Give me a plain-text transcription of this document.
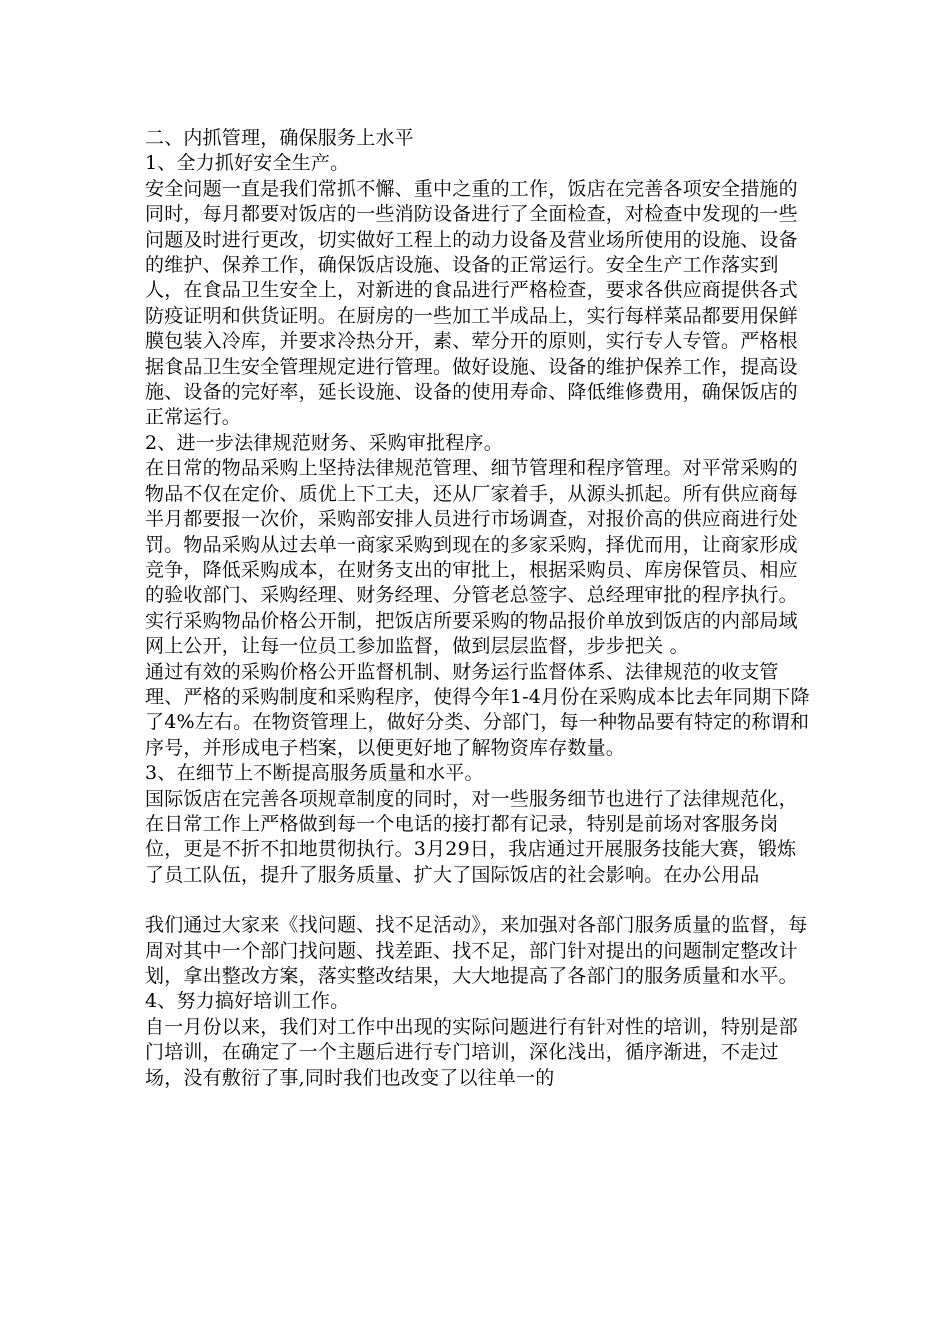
二、内抓管理，确保服务上水平

1、全力抓好安全生产。

安全问题一直是我们常抓不懈、重中之重的工作，饭店在完善各项安全措施的同时，每月都要对饭店的一些消防设备进行了全面检查，对检查中发现的一些问题及时进行更改，切实做好工程上的动力设备及营业场所使用的设施、设备的维护、保养工作，确保饭店设施、设备的正常运行。安全生产工作落实到人，在食品卫生安全上，对新进的食品进行严格检查，要求各供应商提供各式防疫证明和供货证明。在厨房的一些加工半成品上，实行每样菜品都要用保鲜膜包装入冷库，并要求冷热分开，素、荤分开的原则，实行专人专管。严格根据食品卫生安全管理规定进行管理。做好设施、设备的维护保养工作，提高设施、设备的完好率，延长设施、设备的使用寿命、降低维修费用，确保饭店的正常运行。

2、进一步法律规范财务、采购审批程序。

在日常的物品采购上坚持法律规范管理、细节管理和程序管理。对平常采购的物品不仅在定价、质优上下工夫，还从厂家着手，从源头抓起。所有供应商每半月都要报一次价，采购部安排人员进行市场调查，对报价高的供应商进行处罚。物品采购从过去单一商家采购到现在的多家采购，择优而用，让商家形成竞争，降低采购成本，在财务支出的审批上，根据采购员、库房保管员、相应的验收部门、采购经理、财务经理、分管老总签字、总经理审批的程序执行。实行采购物品价格公开制，把饭店所要采购的物品报价单放到饭店的内部局域网上公开，让每一位员工参加监督，做到层层监督，步步把关 。

通过有效的采购价格公开监督机制、财务运行监督体系、法律规范的收支管理、严格的采购制度和采购程序，使得今年1-4月份在采购成本比去年同期下降了4%左右。在物资管理上，做好分类、分部门，每一种物品要有特定的称谓和序号，并形成电子档案，以便更好地了解物资库存数量。

3、在细节上不断提高服务质量和水平。

国际饭店在完善各项规章制度的同时，对一些服务细节也进行了法律规范化，在日常工作上严格做到每一个电话的接打都有记录，特别是前场对客服务岗位，更是不折不扣地贯彻执行。3月29日，我店通过开展服务技能大赛，锻炼了员工队伍，提升了服务质量、扩大了国际饭店的社会影响。在办公用品

我们通过大家来《找问题、找不足活动》，来加强对各部门服务质量的监督，每周对其中一个部门找问题、找差距、找不足，部门针对提出的问题制定整改计划，拿出整改方案，落实整改结果，大大地提高了各部门的服务质量和水平。

4、努力搞好培训工作。

自一月份以来，我们对工作中出现的实际问题进行有针对性的培训，特别是部门培训，在确定了一个主题后进行专门培训，深化浅出，循序渐进，不走过场，没有敷衍了事,同时我们也改变了以往单一的
